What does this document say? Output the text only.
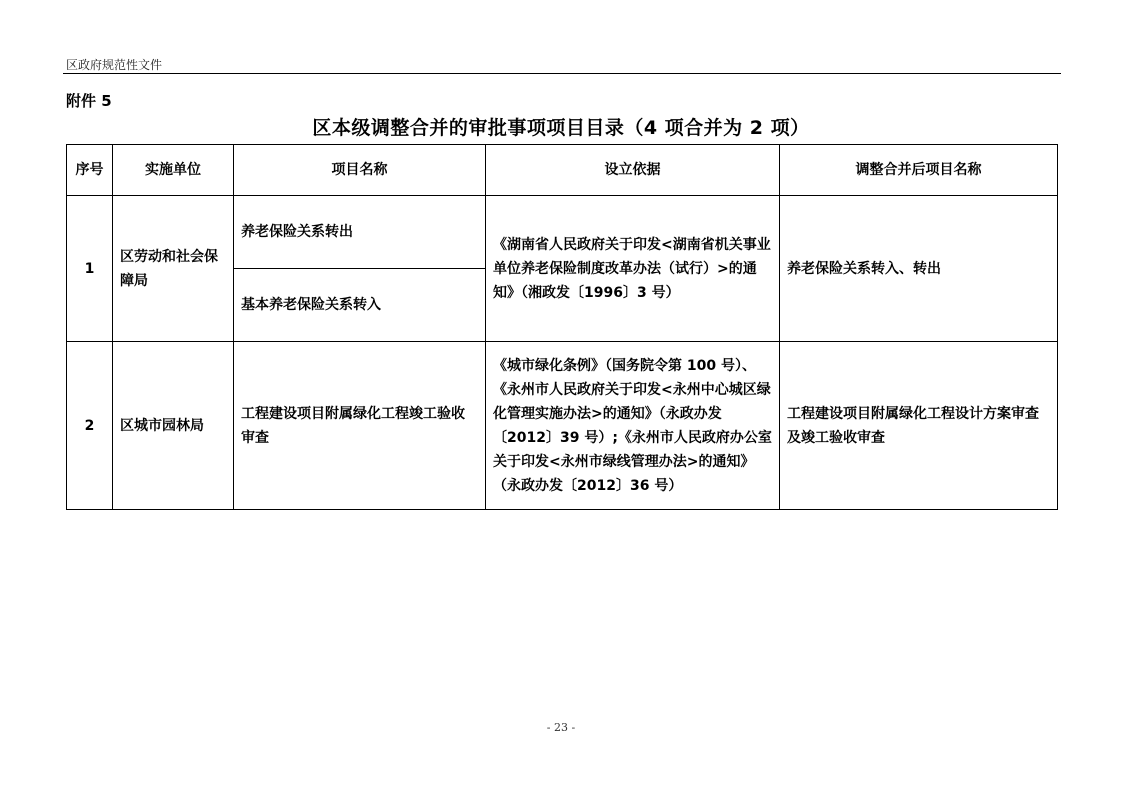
区政府规范性文件
附件 5
区本级调整合并的审批事项项目目录（4 项合并为 2 项）
序号	实施单位	项目名称	设立依据	调整合并后项目名称
1	区劳动和社会保障局	养老保险关系转出	《湖南省人民政府关于印发<湖南省机关事业单位养老保险制度改革办法（试行）>的通知》（湘政发〔1996〕3 号）	养老保险关系转入、转出
		基本养老保险关系转入		
2	区城市园林局	工程建设项目附属绿化工程竣工验收审查	《城市绿化条例》（国务院令第 100 号）、《永州市人民政府关于印发<永州中心城区绿化管理实施办法>的通知》（永政办发〔2012〕39 号）;《永州市人民政府办公室关于印发<永州市绿线管理办法>的通知》（永政办发〔2012〕36 号）	工程建设项目附属绿化工程设计方案审查及竣工验收审查
- 23 -
